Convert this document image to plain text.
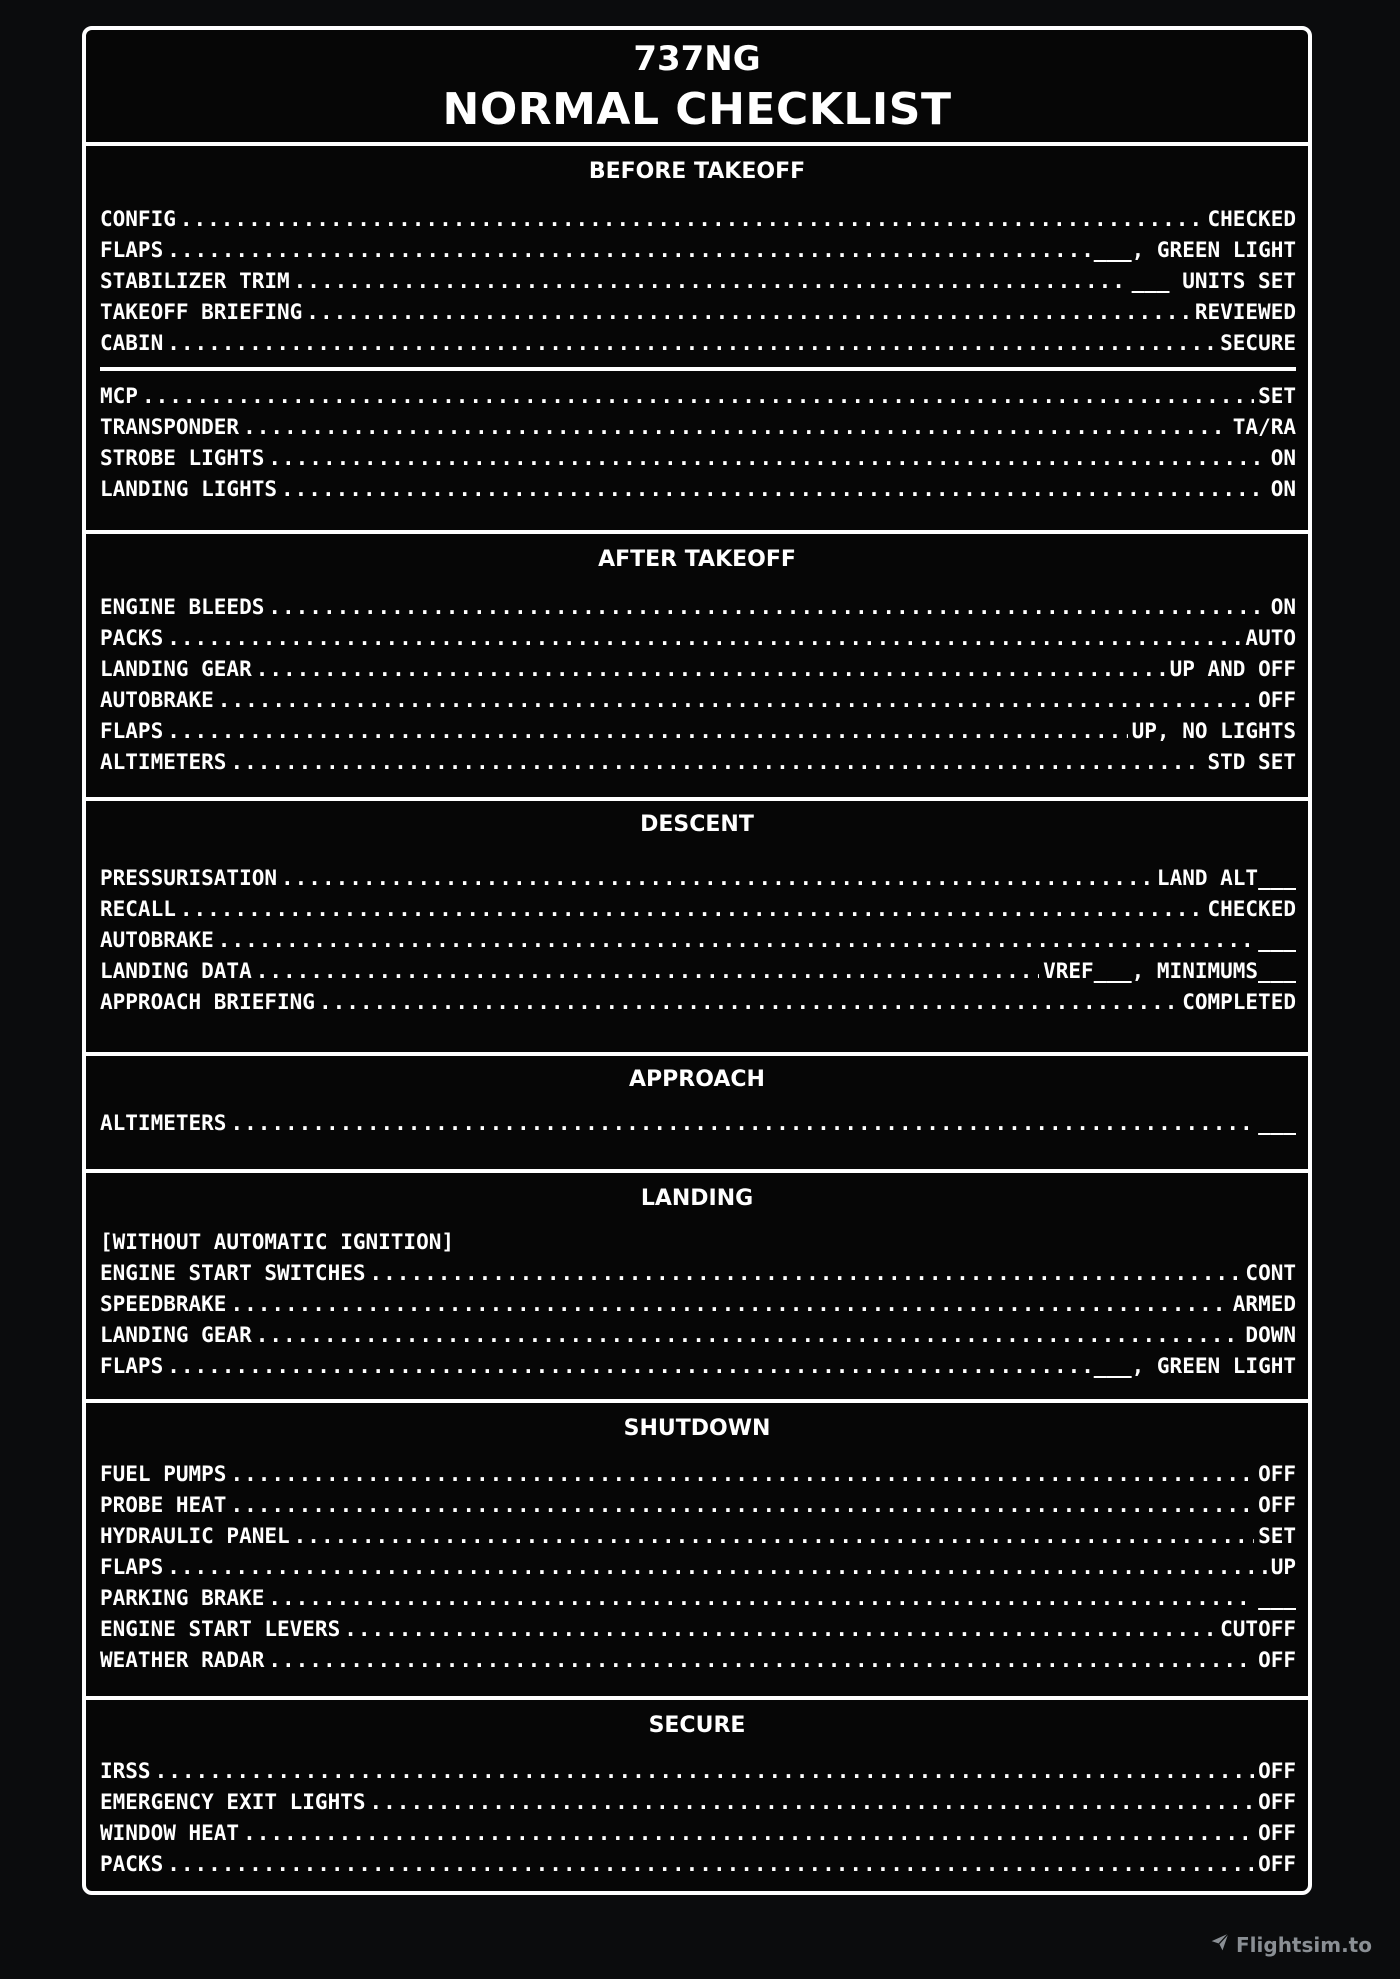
737NG
NORMAL CHECKLIST
BEFORE TAKEOFF
CONFIG .....	CHECKED
FLAPS .....	___, GREEN LIGHT
STABILIZER TRIM .....	___ UNITS SET
TAKEOFF BRIEFING .....	REVIEWED
CABIN .....	SECURE
MCP .....	SET
TRANSPONDER .....	TA/RA
STROBE LIGHTS .....	ON
LANDING LIGHTS .....	ON
AFTER TAKEOFF
ENGINE BLEEDS .....	ON
PACKS .....	AUTO
LANDING GEAR .....	UP AND OFF
AUTOBRAKE .....	OFF
FLAPS .....	UP, NO LIGHTS
ALTIMETERS .....	STD SET
DESCENT
PRESSURISATION .....	LAND ALT___
RECALL .....	CHECKED
AUTOBRAKE .....	___
LANDING DATA .....	VREF___, MINIMUMS___
APPROACH BRIEFING .....	COMPLETED
APPROACH
ALTIMETERS .....	___
LANDING
[WITHOUT AUTOMATIC IGNITION]
ENGINE START SWITCHES .....	CONT
SPEEDBRAKE .....	ARMED
LANDING GEAR .....	DOWN
FLAPS .....	___, GREEN LIGHT
SHUTDOWN
FUEL PUMPS .....	OFF
PROBE HEAT .....	OFF
HYDRAULIC PANEL .....	SET
FLAPS .....	UP
PARKING BRAKE .....	___
ENGINE START LEVERS .....	CUTOFF
WEATHER RADAR .....	OFF
SECURE
IRSS .....	OFF
EMERGENCY EXIT LIGHTS .....	OFF
WINDOW HEAT .....	OFF
PACKS .....	OFF
Flightsim.to
